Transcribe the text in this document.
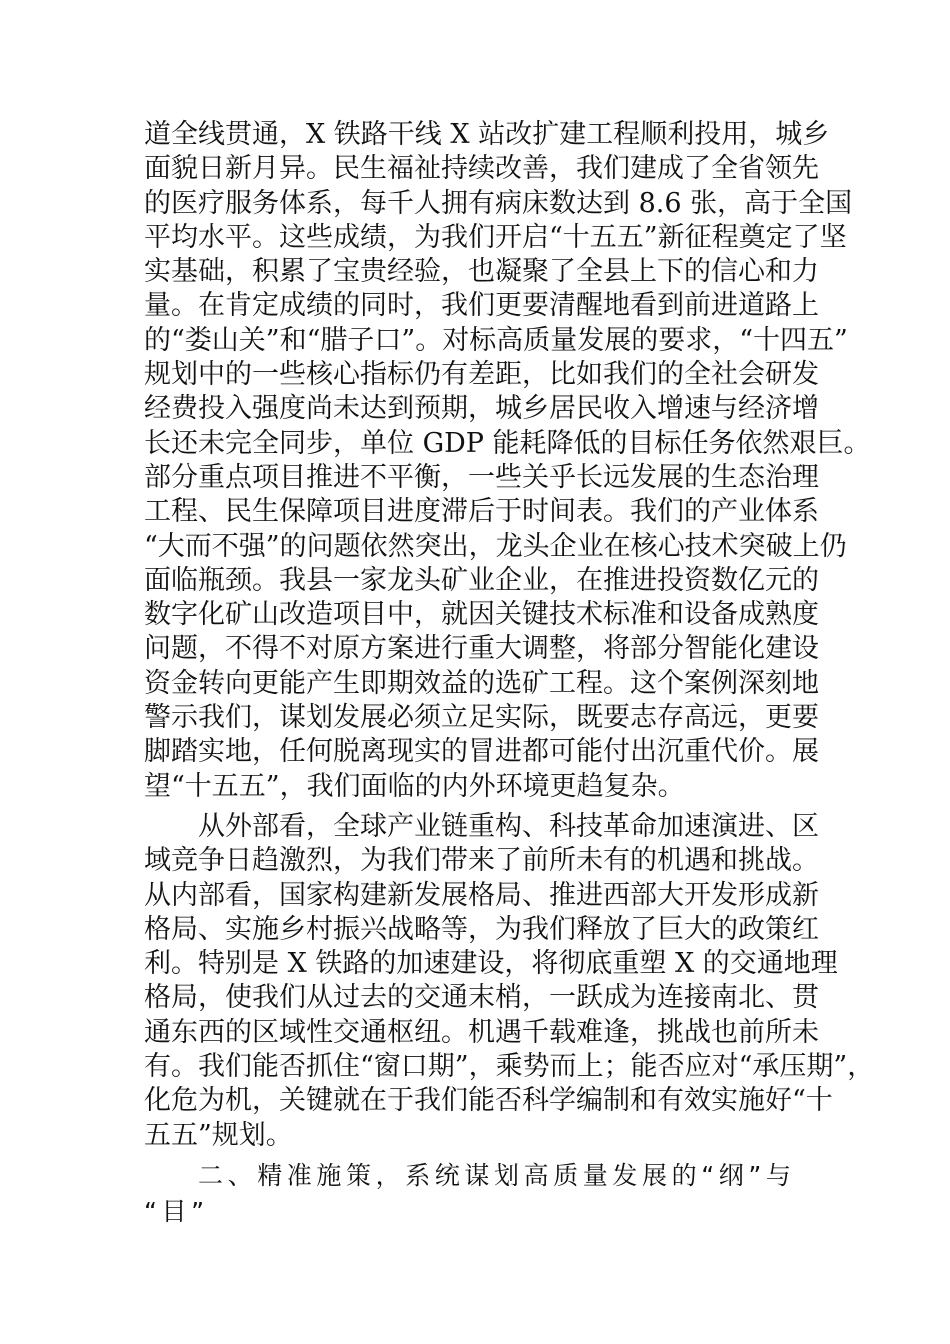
道全线贯通，X 铁路干线 X 站改扩建工程顺利投用，城乡
面貌日新月异。民生福祉持续改善，我们建成了全省领先
的医疗服务体系，每千人拥有病床数达到 8.6 张，高于全国
平均水平。这些成绩，为我们开启“十五五”新征程奠定了坚
实基础，积累了宝贵经验，也凝聚了全县上下的信心和力
量。在肯定成绩的同时，我们更要清醒地看到前进道路上
的“娄山关”和“腊子口”。对标高质量发展的要求，“十四五”
规划中的一些核心指标仍有差距，比如我们的全社会研发
经费投入强度尚未达到预期，城乡居民收入增速与经济增
长还未完全同步，单位 GDP 能耗降低的目标任务依然艰巨。
部分重点项目推进不平衡，一些关乎长远发展的生态治理
工程、民生保障项目进度滞后于时间表。我们的产业体系
“大而不强”的问题依然突出，龙头企业在核心技术突破上仍
面临瓶颈。我县一家龙头矿业企业，在推进投资数亿元的
数字化矿山改造项目中，就因关键技术标准和设备成熟度
问题，不得不对原方案进行重大调整，将部分智能化建设
资金转向更能产生即期效益的选矿工程。这个案例深刻地
警示我们，谋划发展必须立足实际，既要志存高远，更要
脚踏实地，任何脱离现实的冒进都可能付出沉重代价。展
望“十五五”，我们面临的内外环境更趋复杂。
从外部看，全球产业链重构、科技革命加速演进、区
域竞争日趋激烈，为我们带来了前所未有的机遇和挑战。
从内部看，国家构建新发展格局、推进西部大开发形成新
格局、实施乡村振兴战略等，为我们释放了巨大的政策红
利。特别是 X 铁路的加速建设，将彻底重塑 X 的交通地理
格局，使我们从过去的交通末梢，一跃成为连接南北、贯
通东西的区域性交通枢纽。机遇千载难逢，挑战也前所未
有。我们能否抓住“窗口期”，乘势而上；能否应对“承压期”，
化危为机，关键就在于我们能否科学编制和有效实施好“十
五五”规划。
二、精准施策，系统谋划高质量发展的“纲”与
“目”
